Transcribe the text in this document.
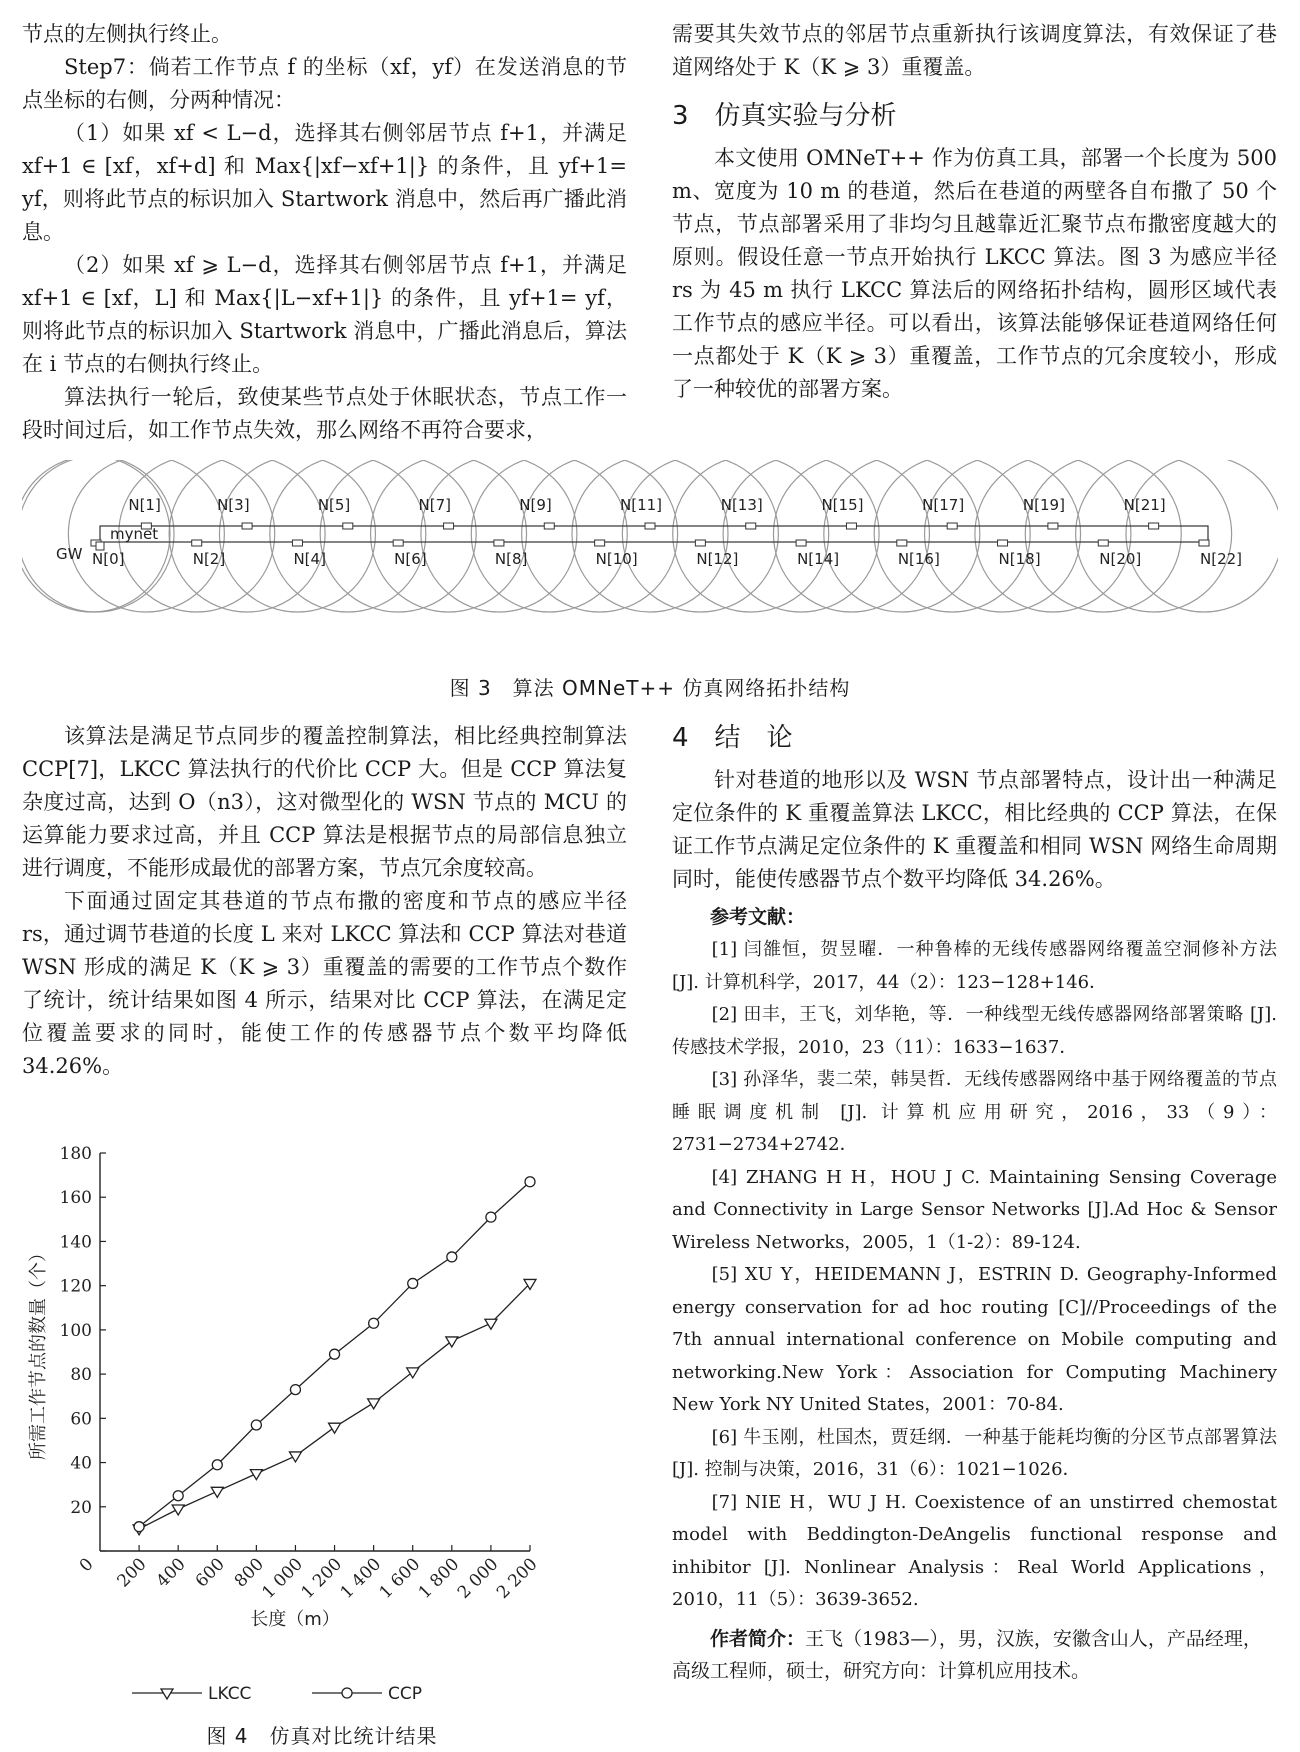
节点的左侧执行终止。

Step7：倘若工作节点 f 的坐标（xf，yf）在发送消息的节点坐标的右侧，分两种情况：

（1）如果 xf < L−d，选择其右侧邻居节点 f+1，并满足 xf+1 ∈ [xf，xf+d] 和 Max{|xf−xf+1|} 的条件，且 yf+1= yf，则将此节点的标识加入 Startwork 消息中，然后再广播此消息。

（2）如果 xf ⩾ L−d，选择其右侧邻居节点 f+1，并满足 xf+1 ∈ [xf，L] 和 Max{|L−xf+1|} 的条件，且 yf+1= yf，则将此节点的标识加入 Startwork 消息中，广播此消息后，算法在 i 节点的右侧执行终止。

算法执行一轮后，致使某些节点处于休眠状态，节点工作一段时间过后，如工作节点失效，那么网络不再符合要求，

需要其失效节点的邻居节点重新执行该调度算法，有效保证了巷道网络处于 K（K ⩾ 3）重覆盖。

3　仿真实验与分析

本文使用 OMNeT++ 作为仿真工具，部署一个长度为 500 m、宽度为 10 m 的巷道，然后在巷道的两壁各自布撒了 50 个节点，节点部署采用了非均匀且越靠近汇聚节点布撒密度越大的原则。假设任意一节点开始执行 LKCC 算法。图 3 为感应半径 rs 为 45 m 执行 LKCC 算法后的网络拓扑结构，圆形区域代表工作节点的感应半径。可以看出，该算法能够保证巷道网络任何一点都处于 K（K ⩾ 3）重覆盖，工作节点的冗余度较小，形成了一种较优的部署方案。

N[0]
N[1]
N[2]
N[3]
N[4]
N[5]
N[6]
N[7]
N[8]
N[9]
N[10]
N[11]
N[12]
N[13]
N[14]
N[15]
N[16]
N[17]
N[18]
N[19]
N[20]
N[21]
N[22]
GW
mynet
图 3　算法 OMNeT++ 仿真网络拓扑结构

该算法是满足节点同步的覆盖控制算法，相比经典控制算法 CCP[7]，LKCC 算法执行的代价比 CCP 大。但是 CCP 算法复杂度过高，达到 O（n3），这对微型化的 WSN 节点的 MCU 的运算能力要求过高，并且 CCP 算法是根据节点的局部信息独立进行调度，不能形成最优的部署方案，节点冗余度较高。

下面通过固定其巷道的节点布撒的密度和节点的感应半径 rs，通过调节巷道的长度 L 来对 LKCC 算法和 CCP 算法对巷道 WSN 形成的满足 K（K ⩾ 3）重覆盖的需要的工作节点个数作了统计，统计结果如图 4 所示，结果对比 CCP 算法，在满足定位覆盖要求的同时，能使工作的传感器节点个数平均降低 34.26%。

20
40
60
80
100
120
140
160
180
0 200 400 600 800
1 000
1 200
1 400
1 600
1 800
2 000
2 200
长度（m）
所需工作节点的数量（个）
LKCC	CCP
图 4　仿真对比统计结果
4　结　论

针对巷道的地形以及 WSN 节点部署特点，设计出一种满足定位条件的 K 重覆盖算法 LKCC，相比经典的 CCP 算法，在保证工作节点满足定位条件的 K 重覆盖和相同 WSN 网络生命周期同时，能使传感器节点个数平均降低 34.26%。

参考文献：

[1] 闫雒恒，贺昱曜．一种鲁棒的无线传感器网络覆盖空洞修补方法 [J]. 计算机科学，2017，44（2）：123−128+146．

[2] 田丰，王飞，刘华艳，等．一种线型无线传感器网络部署策略 [J]. 传感技术学报，2010，23（11）：1633−1637．

[3] 孙泽华，裴二荣，韩昊哲．无线传感器网络中基于网络覆盖的节点睡眠调度机制 [J]. 计算机应用研究，2016，33（9）：2731−2734+2742．

[4] ZHANG H H，HOU J C. Maintaining Sensing Coverage and Connectivity in Large Sensor Networks [J].Ad Hoc & Sensor Wireless Networks，2005，1（1-2）：89-124.

[5] XU Y，HEIDEMANN J，ESTRIN D. Geography-Informed energy conservation for ad hoc routing [C]//Proceedings of the 7th annual international conference on Mobile computing and networking.New York：Association for Computing Machinery New York NY United States，2001：70-84.

[6] 牛玉刚，杜国杰，贾廷纲．一种基于能耗均衡的分区节点部署算法 [J]. 控制与决策，2016，31（6）：1021−1026．

[7] NIE H，WU J H. Coexistence of an unstirred chemostat model with Beddington-DeAngelis functional response and inhibitor [J]. Nonlinear Analysis：Real World Applications，2010，11（5）：3639-3652.

作者简介：王飞（1983—），男，汉族，安徽含山人，产品经理，高级工程师，硕士，研究方向：计算机应用技术。
